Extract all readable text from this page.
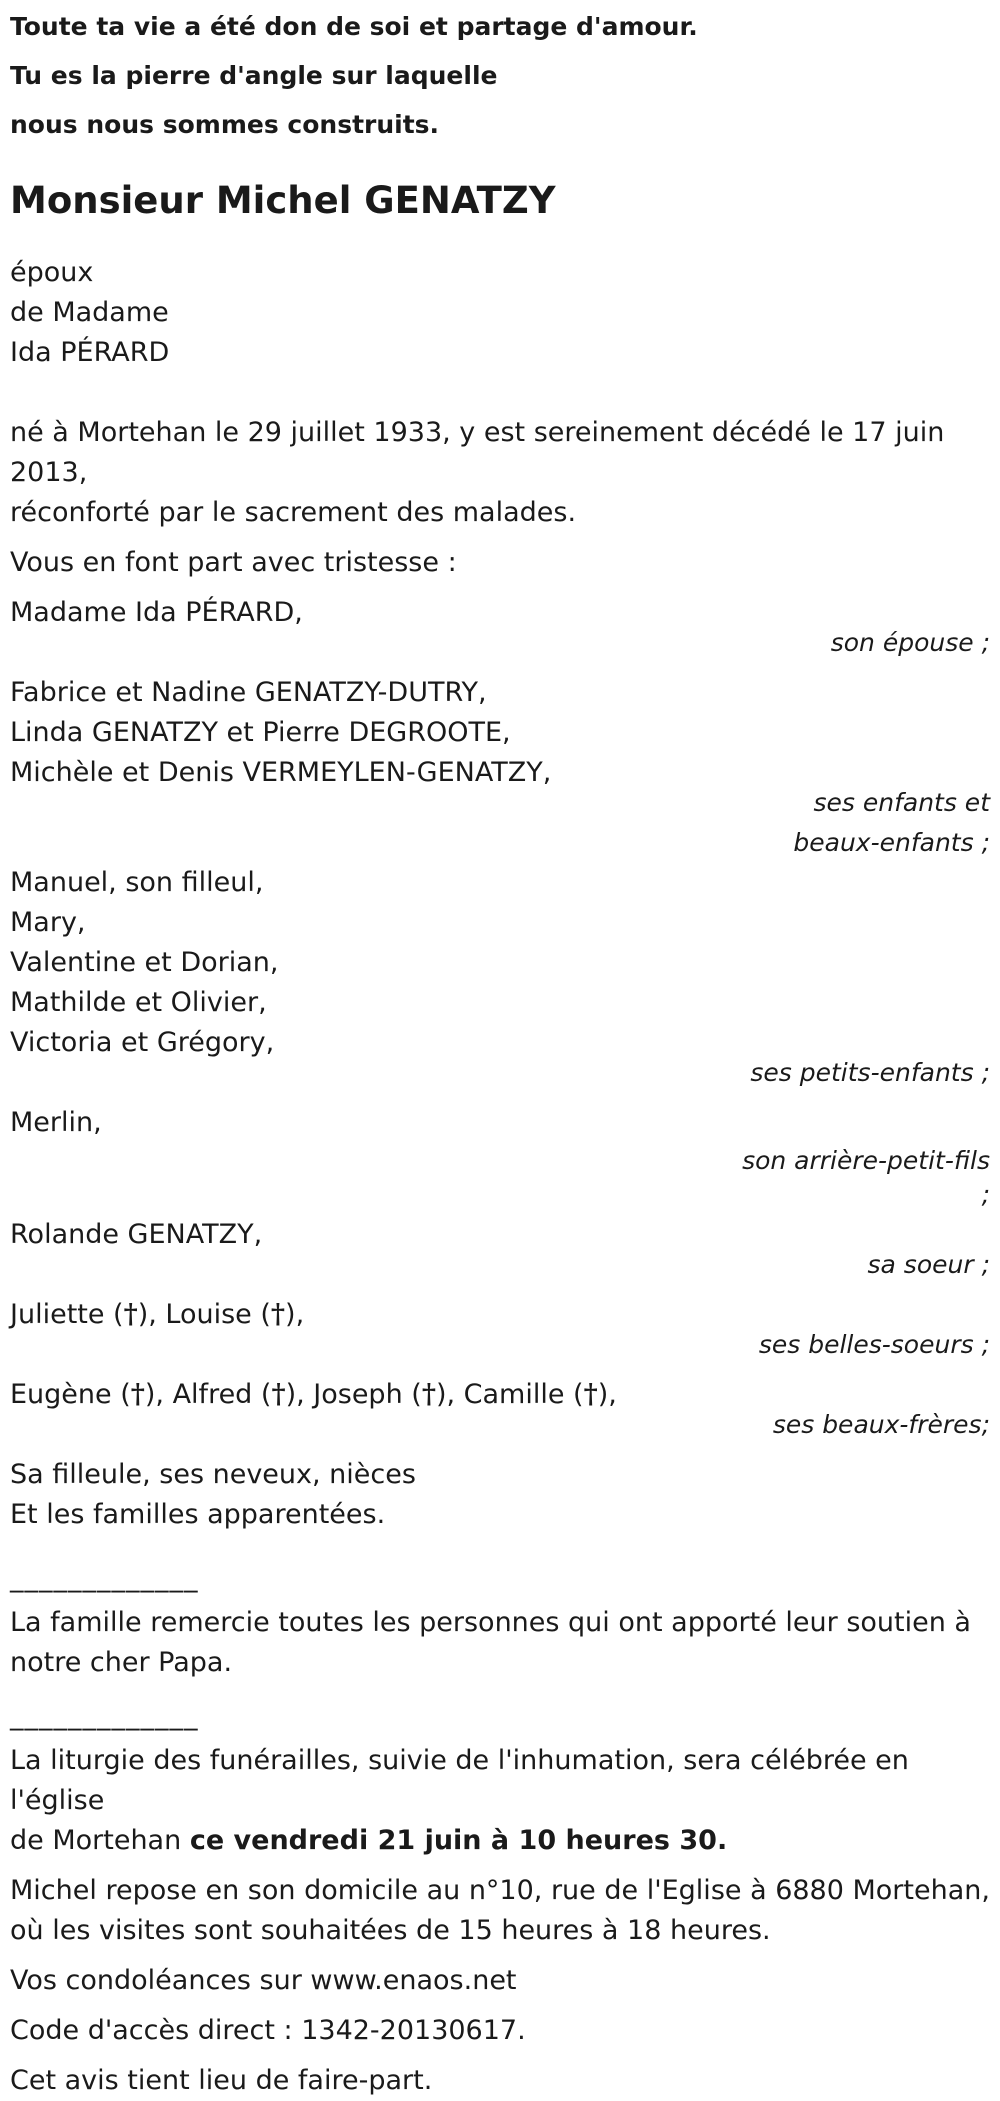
Toute ta vie a été don de soi et partage d'amour.
Tu es la pierre d'angle sur laquelle
nous nous sommes construits.
Monsieur Michel GENATZY
époux
de Madame
Ida PÉRARD
né à Mortehan le 29 juillet 1933, y est sereinement décédé le 17 juin 2013,
réconforté par le sacrement des malades.
Vous en font part avec tristesse :
Madame Ida PÉRARD,
son épouse ;
Fabrice et Nadine GENATZY-DUTRY,
Linda GENATZY et Pierre DEGROOTE,
Michèle et Denis VERMEYLEN-GENATZY,
ses enfants et
beaux-enfants ;
Manuel, son filleul,
Mary,
Valentine et Dorian,
Mathilde et Olivier,
Victoria et Grégory,
ses petits-enfants ;
Merlin,
son arrière-petit-fils
;
Rolande GENATZY,
sa soeur ;
Juliette (†), Louise (†),
ses belles-soeurs ;
Eugène (†), Alfred (†), Joseph (†), Camille (†),
ses beaux-frères;
Sa filleule, ses neveux, nièces
Et les familles apparentées.
_____________
La famille remercie toutes les personnes qui ont apporté leur soutien à
notre cher Papa.
_____________
La liturgie des funérailles, suivie de l'inhumation, sera célébrée en l'église
de Mortehan ce vendredi 21 juin à 10 heures 30.
Michel repose en son domicile au n°10, rue de l'Eglise à 6880 Mortehan,
où les visites sont souhaitées de 15 heures à 18 heures.
Vos condoléances sur www.enaos.net
Code d'accès direct : 1342-20130617.
Cet avis tient lieu de faire-part.
